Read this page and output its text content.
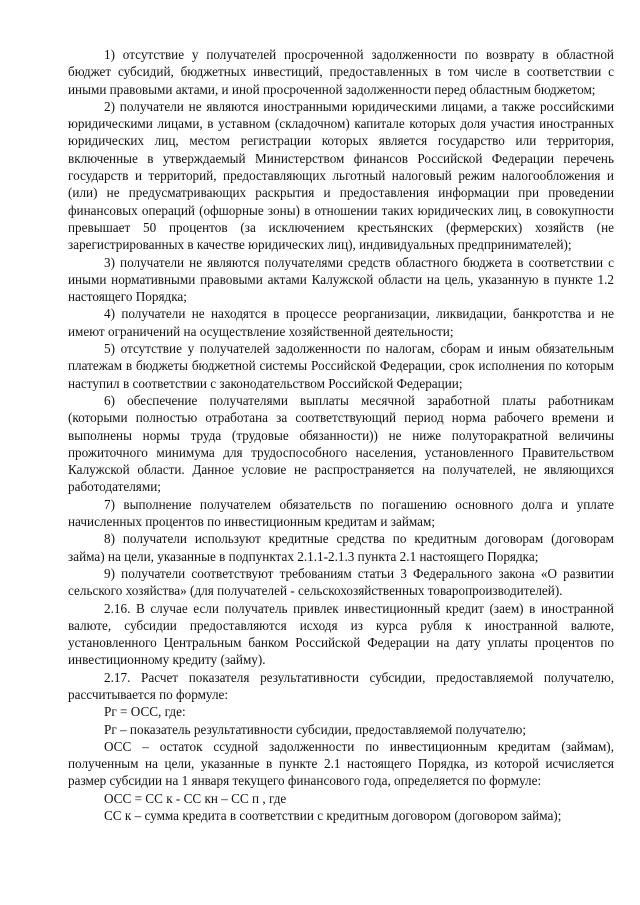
1) отсутствие у получателей просроченной задолженности по возврату в областной бюджет субсидий, бюджетных инвестиций, предоставленных в том числе в соответствии с иными правовыми актами, и иной просроченной задолженности перед областным бюджетом;

2) получатели не являются иностранными юридическими лицами, а также российскими юридическими лицами, в уставном (складочном) капитале которых доля участия иностранных юридических лиц, местом регистрации которых является государство или территория, включенные в утверждаемый Министерством финансов Российской Федерации перечень государств и территорий, предоставляющих льготный налоговый режим налогообложения и (или) не предусматривающих раскрытия и предоставления информации при проведении финансовых операций (офшорные зоны) в отношении таких юридических лиц, в совокупности превышает 50 процентов (за исключением крестьянских (фермерских) хозяйств (не зарегистрированных в качестве юридических лиц), индивидуальных предпринимателей);

3) получатели не являются получателями средств областного бюджета в соответствии с иными нормативными правовыми актами Калужской области на цель, указанную в пункте 1.2 настоящего Порядка;

4) получатели не находятся в процессе реорганизации, ликвидации, банкротства и не имеют ограничений на осуществление хозяйственной деятельности;

5) отсутствие у получателей задолженности по налогам, сборам и иным обязательным платежам в бюджеты бюджетной системы Российской Федерации, срок исполнения по которым наступил в соответствии с законодательством Российской Федерации;

6) обеспечение получателями выплаты месячной заработной платы работникам (которыми полностью отработана за соответствующий период норма рабочего времени и выполнены нормы труда (трудовые обязанности)) не ниже полуторакратной величины прожиточного минимума для трудоспособного населения, установленного Правительством Калужской области. Данное условие не распространяется на получателей, не являющихся работодателями;

7) выполнение получателем обязательств по погашению основного долга и уплате начисленных процентов по инвестиционным кредитам и займам;

8) получатели используют кредитные средства по кредитным договорам (договорам займа) на цели, указанные в подпунктах 2.1.1-2.1.3 пункта 2.1 настоящего Порядка;

9) получатели соответствуют требованиям статьи 3 Федерального закона «О развитии сельского хозяйства» (для получателей - сельскохозяйственных товаропроизводителей).

2.16. В случае если получатель привлек инвестиционный кредит (заем) в иностранной валюте, субсидии предоставляются исходя из курса рубля к иностранной валюте, установленного Центральным банком Российской Федерации на дату уплаты процентов по инвестиционному кредиту (займу).

2.17. Расчет показателя результативности субсидии, предоставляемой получателю, рассчитывается по формуле:

Рг = ОСС, где:

Рг – показатель результативности субсидии, предоставляемой получателю;

ОСС – остаток ссудной задолженности по инвестиционным кредитам (займам), полученным на цели, указанные в пункте 2.1 настоящего Порядка, из которой исчисляется размер субсидии на 1 января текущего финансового года, определяется по формуле:

ОСС = СС к - СС кн – СС п , где

СС к – сумма кредита в соответствии с кредитным договором (договором займа);
